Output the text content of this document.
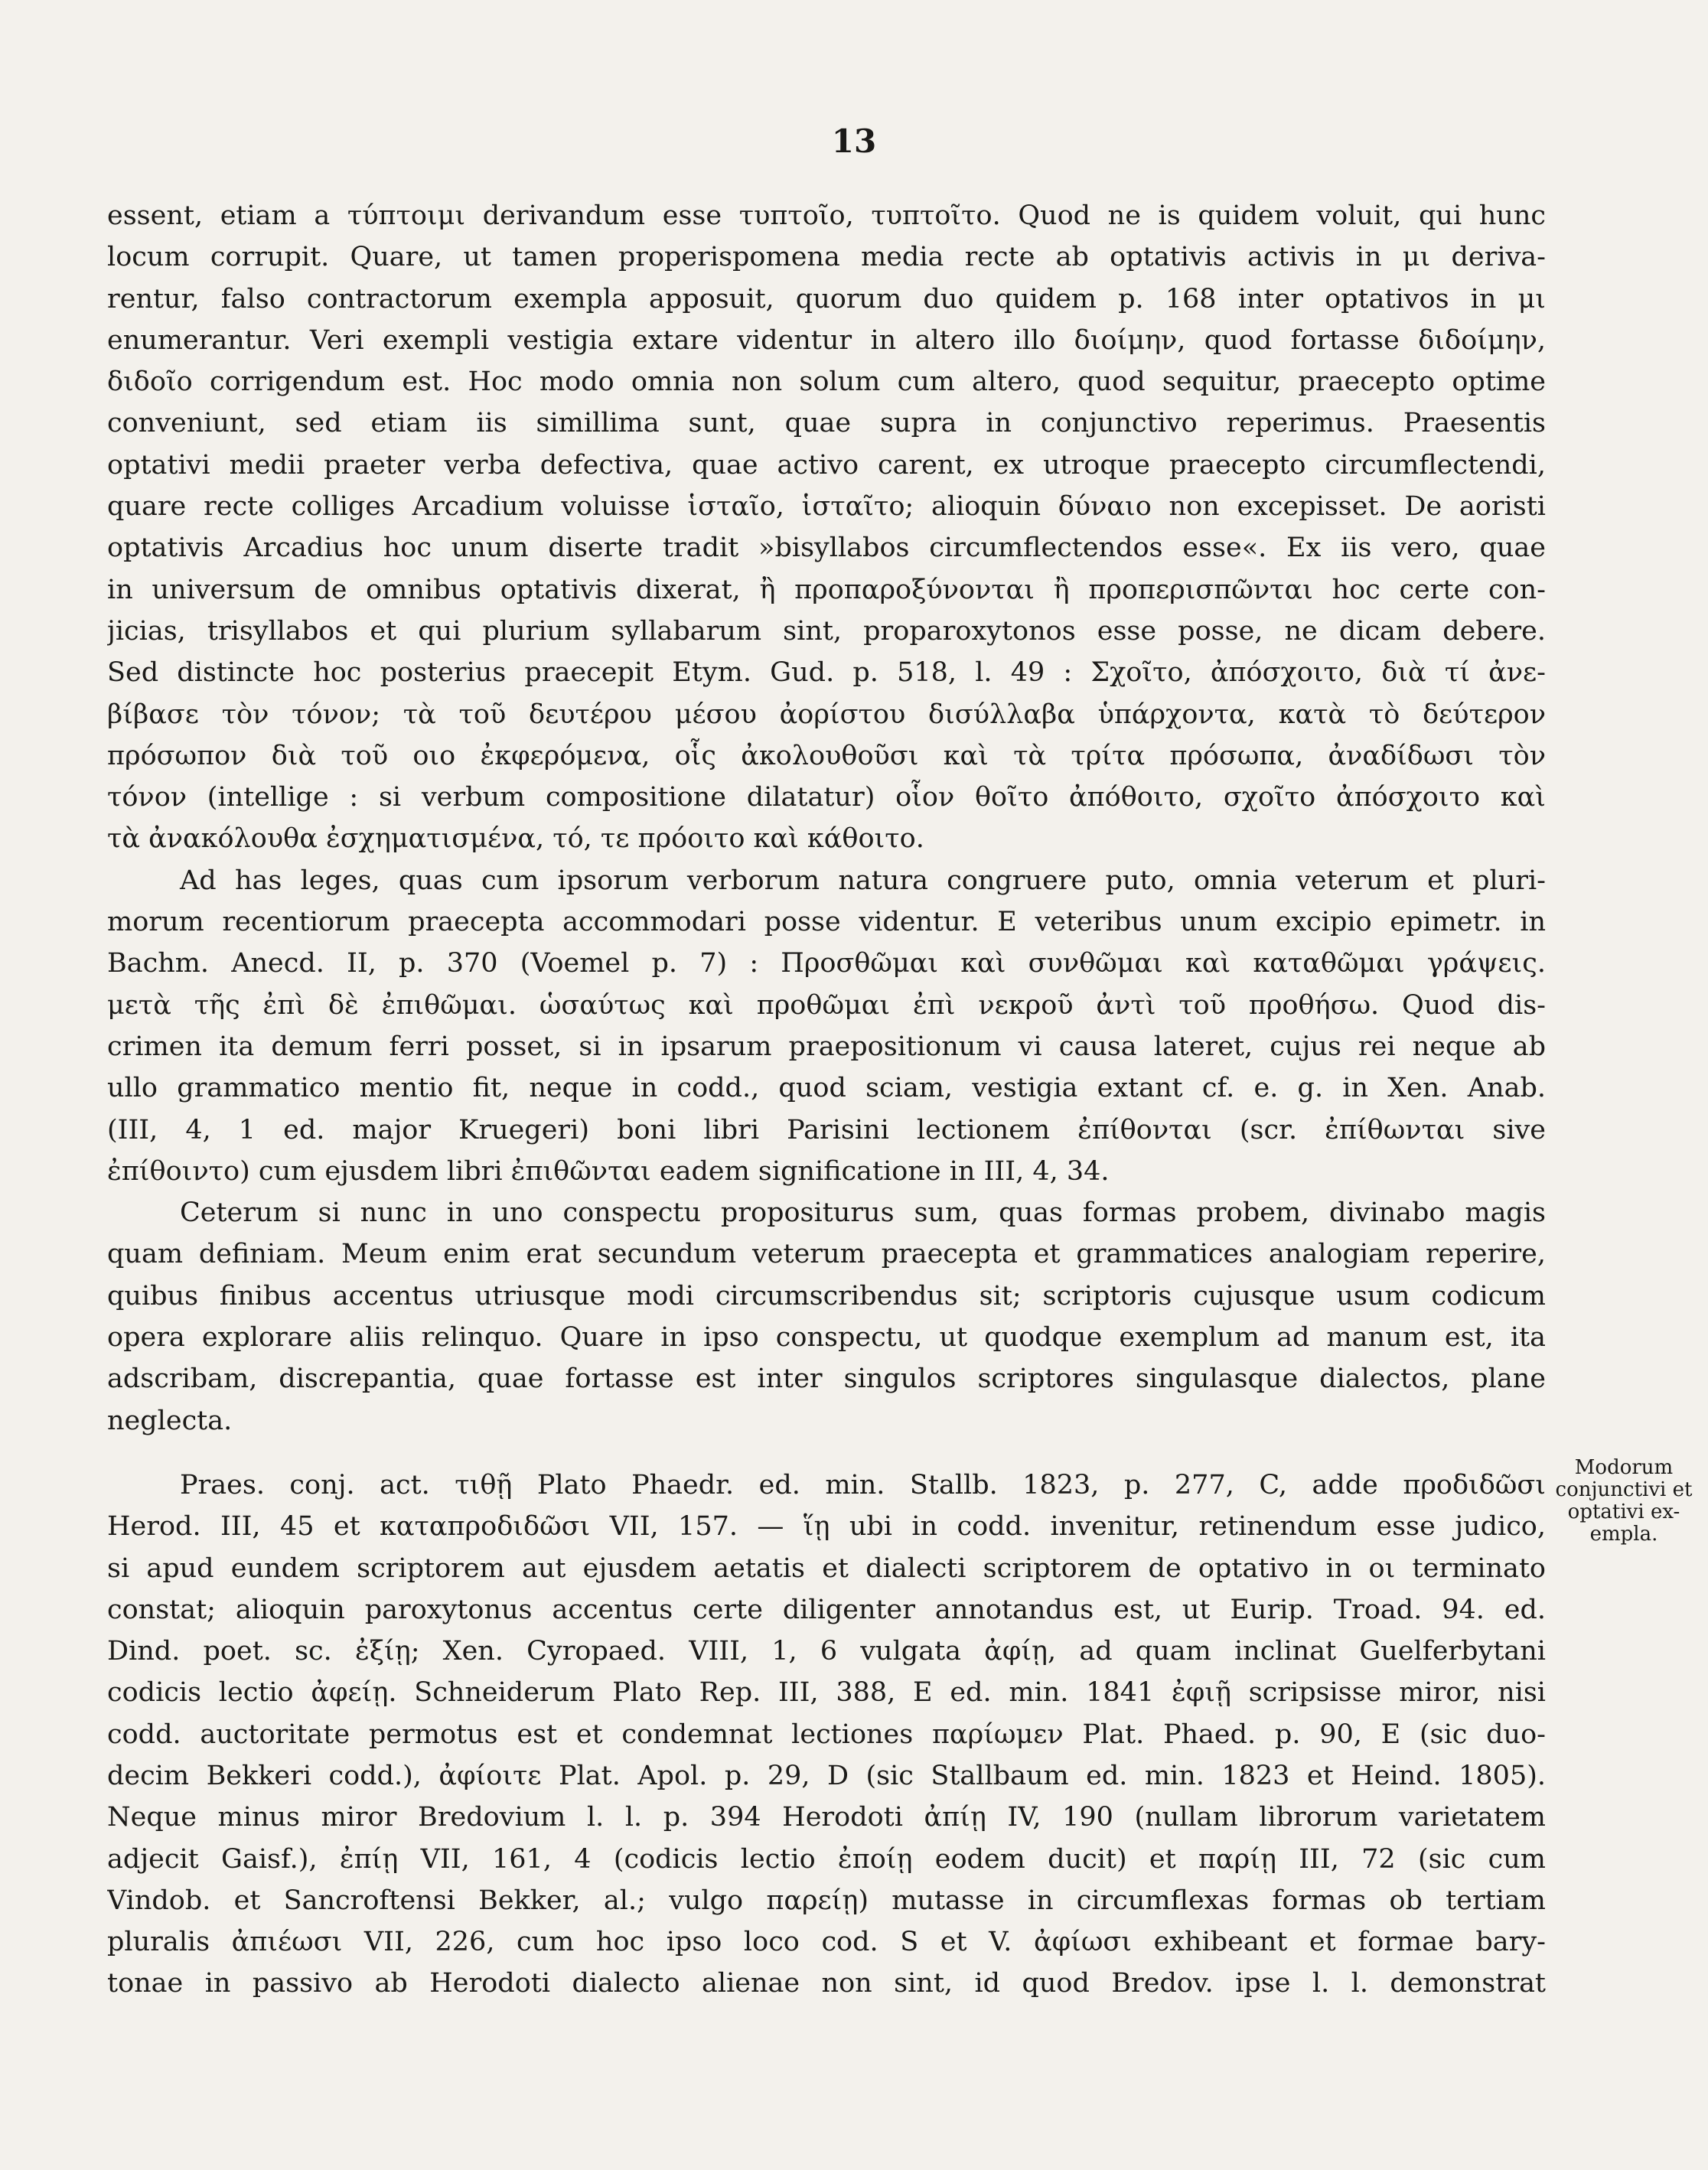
13
essent, etiam a τύπτοιμι derivandum esse τυπτοῖο, τυπτοῖτο. Quod ne is quidem voluit, qui hunc
locum corrupit. Quare, ut tamen properispomena media recte ab optativis activis in μι deriva-
rentur, falso contractorum exempla apposuit, quorum duo quidem p. 168 inter optativos in μι
enumerantur. Veri exempli vestigia extare videntur in altero illo διοίμην, quod fortasse διδοίμην,
διδοῖο corrigendum est. Hoc modo omnia non solum cum altero, quod sequitur, praecepto optime
conveniunt, sed etiam iis simillima sunt, quae supra in conjunctivo reperimus. Praesentis
optativi medii praeter verba defectiva, quae activo carent, ex utroque praecepto circumflectendi,
quare recte colliges Arcadium voluisse ἱσταῖο, ἱσταῖτο; alioquin δύναιο non excepisset. De aoristi
optativis Arcadius hoc unum diserte tradit »bisyllabos circumflectendos esse«. Ex iis vero, quae
in universum de omnibus optativis dixerat, ἢ προπαροξύνονται ἢ προπερισπῶνται hoc certe con-
jicias, trisyllabos et qui plurium syllabarum sint, proparoxytonos esse posse, ne dicam debere.
Sed distincte hoc posterius praecepit Etym. Gud. p. 518, l. 49 : Σχοῖτο, ἀπόσχοιτο, διὰ τί ἀνε-
βίβασε τὸν τόνον; τὰ τοῦ δευτέρου μέσου ἀορίστου δισύλλαβα ὑπάρχοντα, κατὰ τὸ δεύτερον
πρόσωπον διὰ τοῦ οιο ἐκφερόμενα, οἷς ἀκολουθοῦσι καὶ τὰ τρίτα πρόσωπα, ἀναδίδωσι τὸν
τόνον (intellige : si verbum compositione dilatatur) οἷον θοῖτο ἀπόθοιτο, σχοῖτο ἀπόσχοιτο καὶ
τὰ ἀνακόλουθα ἐσχηματισμένα, τό, τε πρόοιτο καὶ κάθοιτο.
Ad has leges, quas cum ipsorum verborum natura congruere puto, omnia veterum et pluri-
morum recentiorum praecepta accommodari posse videntur. E veteribus unum excipio epimetr. in
Bachm. Anecd. II, p. 370 (Voemel p. 7) : Προσθῶμαι καὶ συνθῶμαι καὶ καταθῶμαι γράψεις.
μετὰ τῆς ἐπὶ δὲ ἐπιθῶμαι. ὡσαύτως καὶ προθῶμαι ἐπὶ νεκροῦ ἀντὶ τοῦ προθήσω. Quod dis-
crimen ita demum ferri posset, si in ipsarum praepositionum vi causa lateret, cujus rei neque ab
ullo grammatico mentio fit, neque in codd., quod sciam, vestigia extant cf. e. g. in Xen. Anab.
(III, 4, 1 ed. major Kruegeri) boni libri Parisini lectionem ἐπίθονται (scr. ἐπίθωνται sive
ἐπίθοιντο) cum ejusdem libri ἐπιθῶνται eadem significatione in III, 4, 34.
Ceterum si nunc in uno conspectu propositurus sum, quas formas probem, divinabo magis
quam definiam. Meum enim erat secundum veterum praecepta et grammatices analogiam reperire,
quibus finibus accentus utriusque modi circumscribendus sit; scriptoris cujusque usum codicum
opera explorare aliis relinquo. Quare in ipso conspectu, ut quodque exemplum ad manum est, ita
adscribam, discrepantia, quae fortasse est inter singulos scriptores singulasque dialectos, plane
neglecta.
Praes. conj. act. τιθῇ Plato Phaedr. ed. min. Stallb. 1823, p. 277, C, adde προδιδῶσι
Herod. III, 45 et καταπροδιδῶσι VII, 157. — ἵῃ ubi in codd. invenitur, retinendum esse judico,
si apud eundem scriptorem aut ejusdem aetatis et dialecti scriptorem de optativo in οι terminato
constat; alioquin paroxytonus accentus certe diligenter annotandus est, ut Eurip. Troad. 94. ed.
Dind. poet. sc. ἐξίῃ; Xen. Cyropaed. VIII, 1, 6 vulgata ἀφίῃ, ad quam inclinat Guelferbytani
codicis lectio ἀφείῃ. Schneiderum Plato Rep. III, 388, E ed. min. 1841 ἐφιῇ scripsisse miror, nisi
codd. auctoritate permotus est et condemnat lectiones παρίωμεν Plat. Phaed. p. 90, E (sic duo-
decim Bekkeri codd.), ἀφίοιτε Plat. Apol. p. 29, D (sic Stallbaum ed. min. 1823 et Heind. 1805).
Neque minus miror Bredovium l. l. p. 394 Herodoti ἀπίῃ IV, 190 (nullam librorum varietatem
adjecit Gaisf.), ἐπίῃ VII, 161, 4 (codicis lectio ἐποίῃ eodem ducit) et παρίῃ III, 72 (sic cum
Vindob. et Sancroftensi Bekker, al.; vulgo παρείῃ) mutasse in circumflexas formas ob tertiam
pluralis ἀπιέωσι VII, 226, cum hoc ipso loco cod. S et V. ἀφίωσι exhibeant et formae bary-
tonae in passivo ab Herodoti dialecto alienae non sint, id quod Bredov. ipse l. l. demonstrat
Modorum
conjunctivi et
optativi ex-
empla.
